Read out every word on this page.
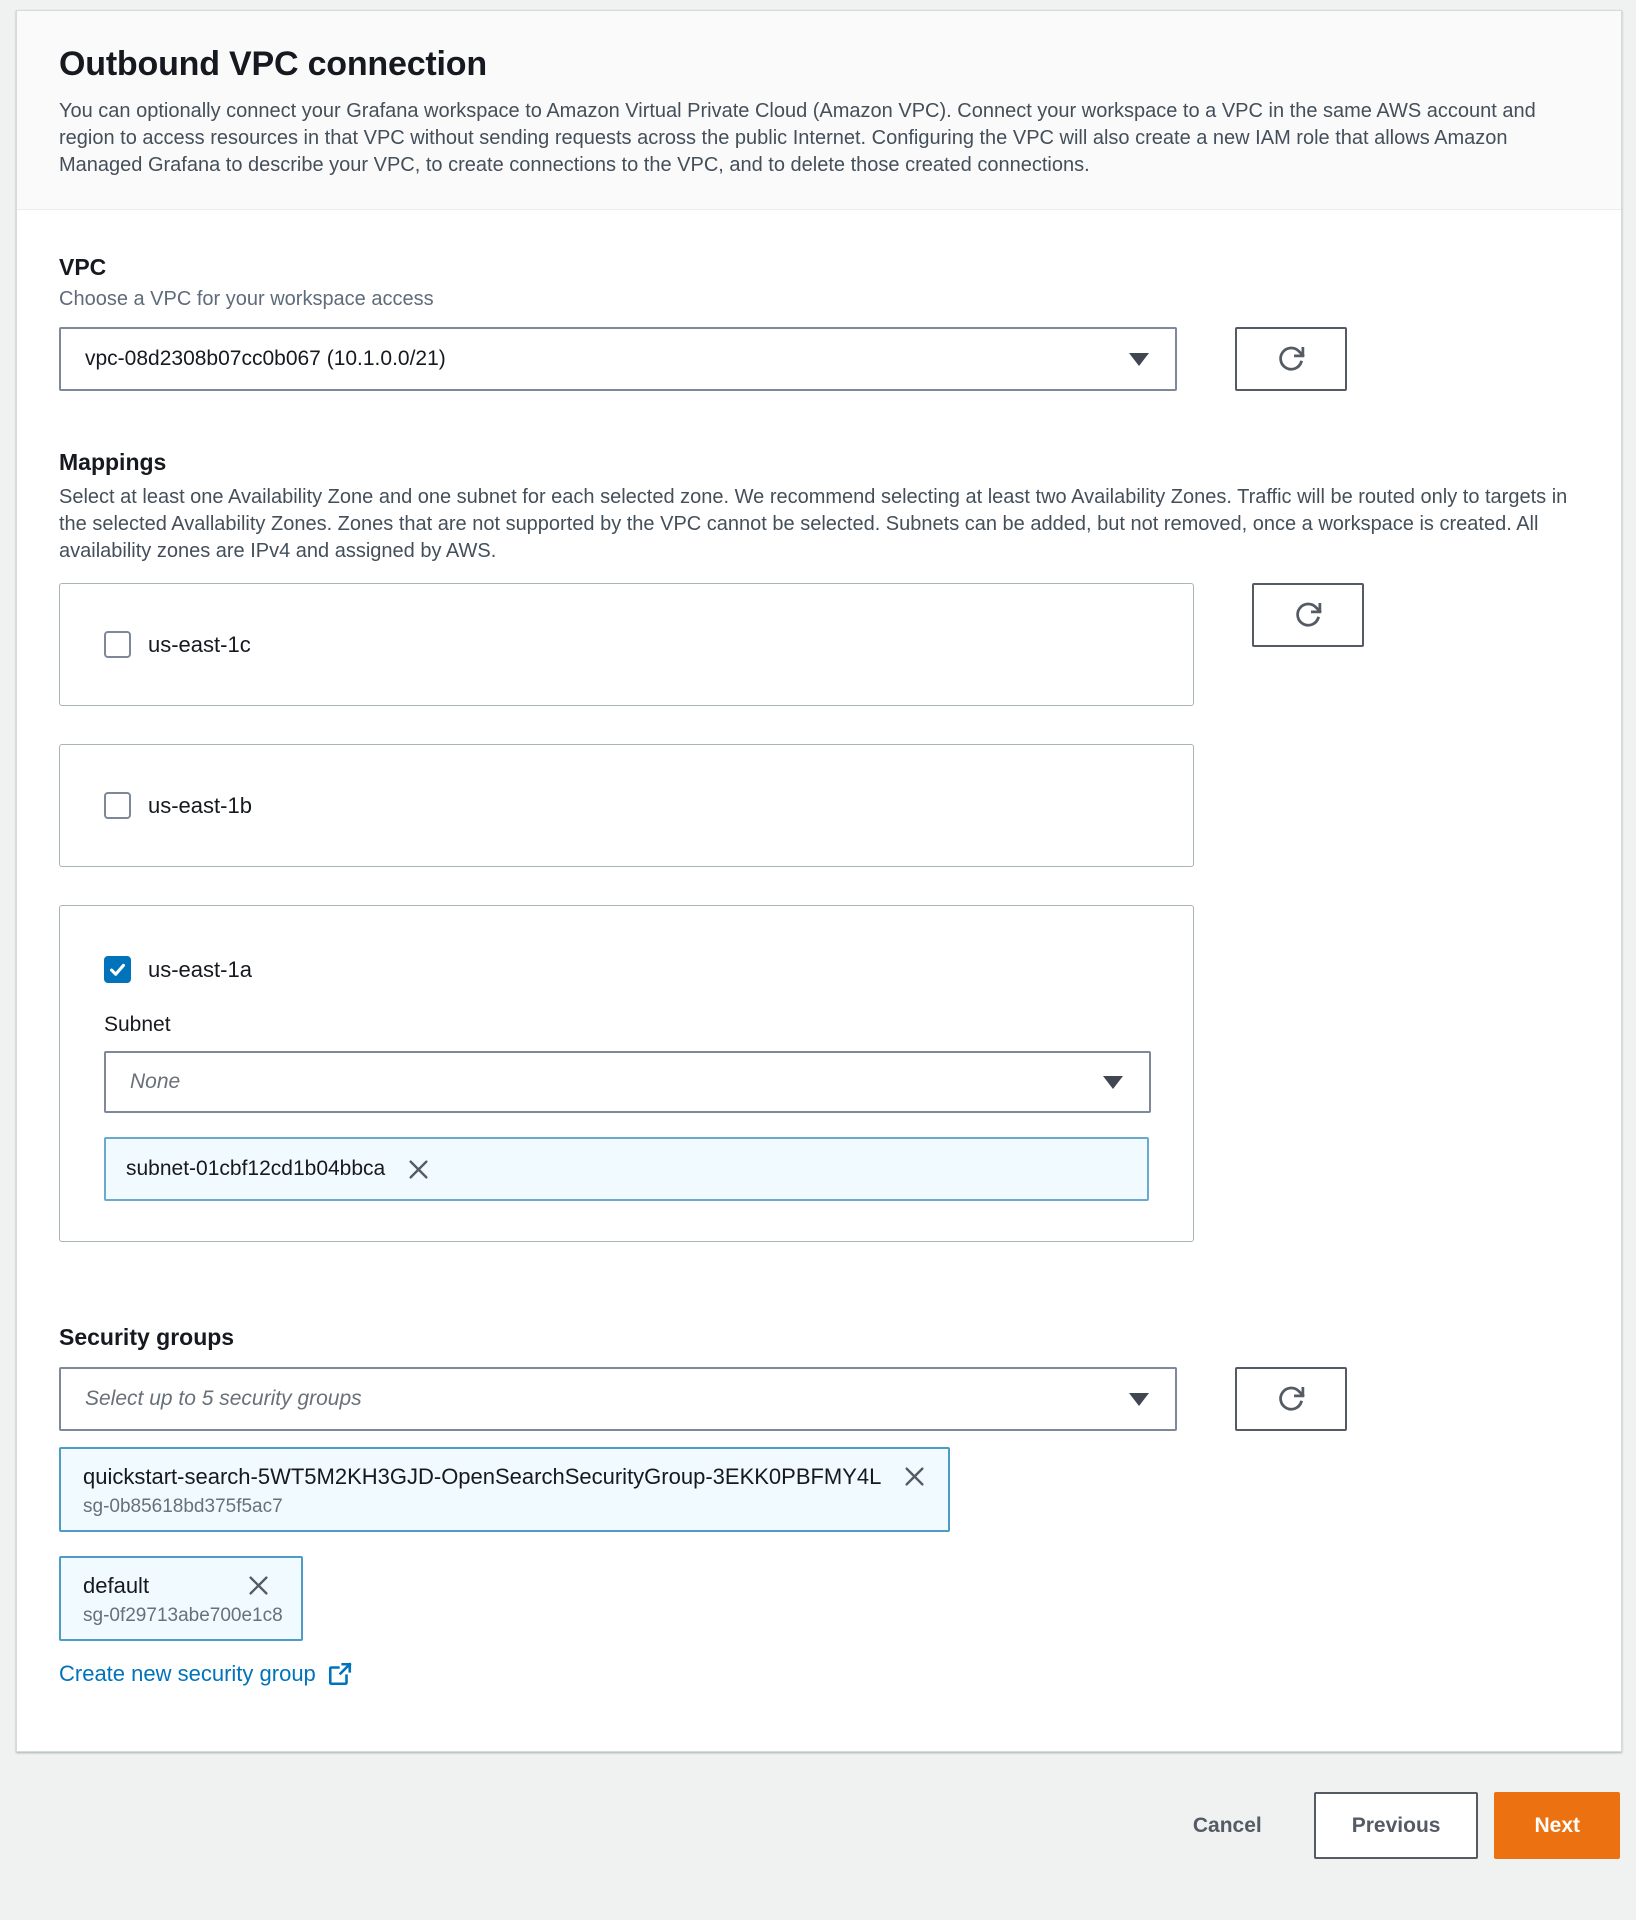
Outbound VPC connection

You can optionally connect your Grafana workspace to Amazon Virtual Private Cloud (Amazon VPC). Connect your workspace to a VPC in the same AWS account and region to access resources in that VPC without sending requests across the public Internet. Configuring the VPC will also create a new IAM role that allows Amazon Managed Grafana to describe your VPC, to create connections to the VPC, and to delete those created connections.

VPC
Choose a VPC for your workspace access
vpc-08d2308b07cc0b067 (10.1.0.0/21)
Mappings

Select at least one Availability Zone and one subnet for each selected zone. We recommend selecting at least two Availability Zones. Traffic will be routed only to targets in the selected Avallability Zones. Zones that are not supported by the VPC cannot be selected. Subnets can be added, but not removed, once a workspace is created. All availability zones are IPv4 and assigned by AWS.

us-east-1c
us-east-1b
us-east-1a
Subnet
None
subnet-01cbf12cd1b04bbca
Security groups
Select up to 5 security groups
quickstart-search-5WT5M2KH3GJD-OpenSearchSecurityGroup-3EKK0PBFMY4L
sg-0b85618bd375f5ac7
default
sg-0f29713abe700e1c8
Create new security group
Cancel	Previous	Next
